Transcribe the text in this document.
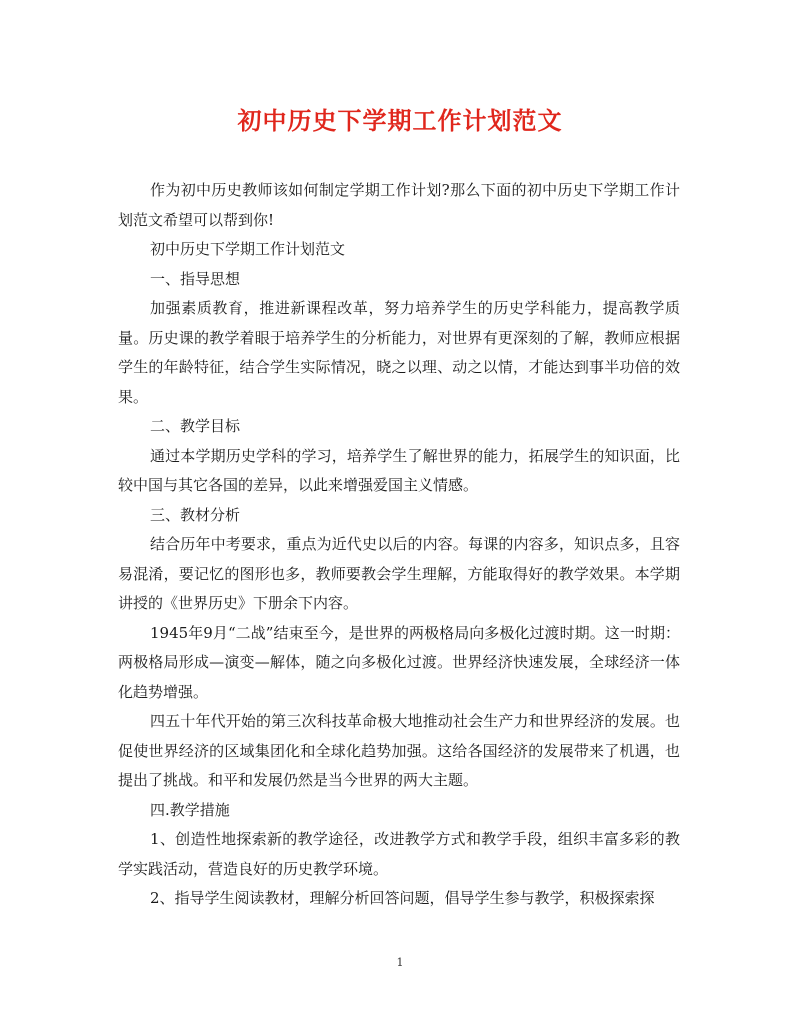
初中历史下学期工作计划范文

作为初中历史教师该如何制定学期工作计划?那么下面的初中历史下学期工作计划范文希望可以帮到你!

初中历史下学期工作计划范文

一、指导思想

加强素质教育，推进新课程改革，努力培养学生的历史学科能力，提高教学质量。历史课的教学着眼于培养学生的分析能力，对世界有更深刻的了解，教师应根据学生的年龄特征，结合学生实际情况，晓之以理、动之以情，才能达到事半功倍的效果。

二、教学目标

通过本学期历史学科的学习，培养学生了解世界的能力，拓展学生的知识面，比较中国与其它各国的差异，以此来增强爱国主义情感。

三、教材分析

结合历年中考要求，重点为近代史以后的内容。每课的内容多，知识点多，且容易混淆，要记忆的图形也多，教师要教会学生理解，方能取得好的教学效果。本学期讲授的《世界历史》下册余下内容。

1945年9月“二战”结束至今，是世界的两极格局向多极化过渡时期。这一时期：两极格局形成—演变—解体，随之向多极化过渡。世界经济快速发展，全球经济一体化趋势增强。

四五十年代开始的第三次科技革命极大地推动社会生产力和世界经济的发展。也促使世界经济的区域集团化和全球化趋势加强。这给各国经济的发展带来了机遇，也提出了挑战。和平和发展仍然是当今世界的两大主题。

四.教学措施

1、创造性地探索新的教学途径，改进教学方式和教学手段，组织丰富多彩的教学实践活动，营造良好的历史教学环境。

2、指导学生阅读教材，理解分析回答问题，倡导学生参与教学，积极探索探

1
